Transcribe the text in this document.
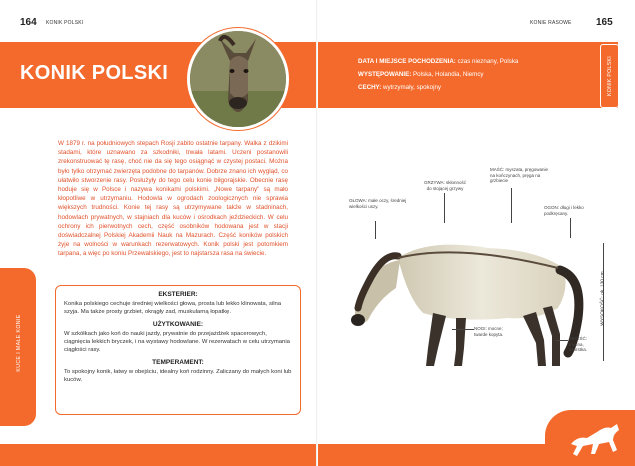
164 KONIK POLSKI
KONIK POLSKI
W 1879 r. na południowych stepach Rosji zabito ostatnie tarpany. Walka z dzikimi stadami, które uznawano za szkodniki, trwała latami. Uczeni postanowili zrekonstruować tę rasę, choć nie da się tego osiągnąć w czystej postaci. Można było tylko otrzymać zwierzęta podobne do tarpanów. Dobrze znano ich wygląd, co ułatwiło stworzenie rasy. Posłużyły do tego celu konie biłgorajskie. Obecnie rasę hoduje się w Polsce i nazywa konikami polskimi. „Nowe tarpany" są mało kłopotliwe w utrzymaniu. Hodowla w ogrodach zoologicznych nie sprawia większych trudności. Konie tej rasy są utrzymywane także w stadninach, hodowlach prywatnych, w stajniach dla kuców i ośrodkach jeździeckich. W celu ochrony ich pierwotnych cech, część osobników hodowana jest w stacji doświadczalnej Polskiej Akademii Nauk na Mazurach. Część koników polskich żyje na wolności w warunkach rezerwatowych. Konik polski jest potomkiem tarpana, a więc po koniu Przewalskiego, jest to najstarsza rasa na świecie.
KUCE I MAŁE KONIE
EKSTERIER:
Konika polskiego cechuje średniej wielkości głowa, prosta lub lekko klinowata, silna szyja. Ma także prosty grzbiet, okrągły zad, muskularną łopatkę.
UŻYTKOWANIE:
W szkółkach jako koń do nauki jazdy, prywatnie do przejażdżek spacerowych, ciągnięcia lekkich bryczek, i na wystawy hodowlane. W rezerwatach w celu utrzymania ciągłości rasy.
TEMPERAMENT:
To spokojny konik, łatwy w obejściu, idealny koń rodzinny. Zaliczany do małych koni lub kuców.
165
KONIE RASOWE
DATA I MIEJSCE POCHODZENIA: czas nieznany, Polska
WYSTĘPOWANIE: Polska, Holandia, Niemcy
CECHY: wytrzymały, spokojny	KONIK POLSKI
GŁOWA: małe oczy, średniej wielkości uszy.
GRZYWA: skłonność do stojącej grzywy
MAŚĆ: myszata, pręgowanie na kończynach, pręga na grzbiecie
OGON: długi i lekko podkręcany.
NOGI: mocne; twarde kopyta.
SIERŚĆ: mocna, szorstka.
WYSOKOŚĆ: ok. 130 cm
